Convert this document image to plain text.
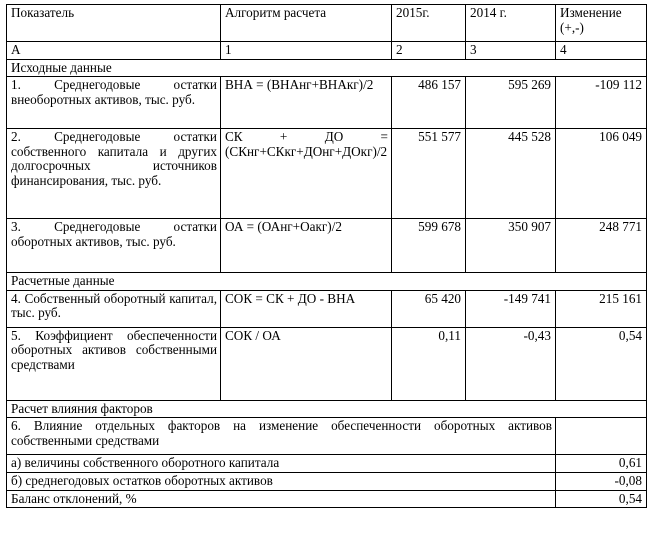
Показатель	Алгоритм расчета	2015г.	2014 г.	Изменение (+,-)
А	1	2	3	4
Исходные данные				
1. Среднегодовые остатки внеоборотных активов, тыс. руб.	ВНА = (ВНАнг+ВНАкг)/2	486 157	595 269	-109 112
2. Среднегодовые остатки собственного капитала и других долгосрочных источников финансирования, тыс. руб.	СК + ДО = (СКнг+СКкг+ДОнг+ДОкг)/2	551 577	445 528	106 049
3. Среднегодовые остатки оборотных активов, тыс. руб.	ОА = (ОАнг+Оакг)/2	599 678	350 907	248 771
Расчетные данные				
4. Собственный оборотный капитал, тыс. руб.	СОК = СК + ДО - ВНА	65 420	-149 741	215 161
5. Коэффициент обеспеченности оборотных активов собственными средствами	СОК / ОА	0,11	-0,43	0,54
Расчет влияния факторов				
6. Влияние отдельных факторов на изменение обеспеченности оборотных активов собственными средствами				
а) величины собственного оборотного капитала				0,61
б) среднегодовых остатков оборотных активов				-0,08
Баланс отклонений, %				0,54
